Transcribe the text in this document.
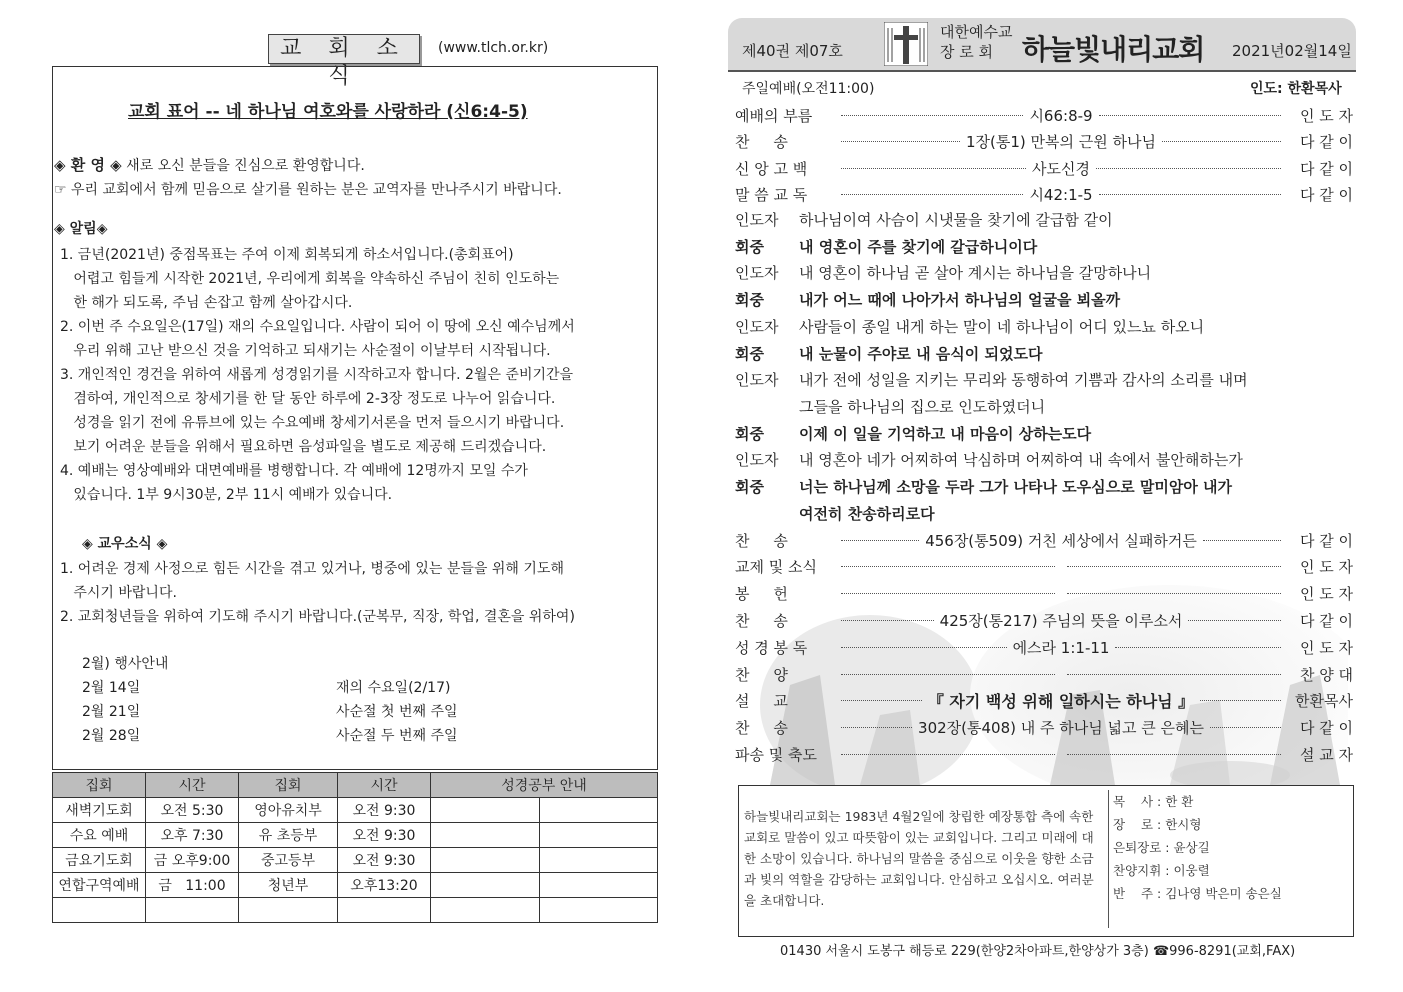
교 회 소 식
(www.tlch.or.kr)
교회 표어 -- 네 하나님 여호와를 사랑하라 (신6:4-5)
◈ 환 영 ◈ 새로 오신 분들을 진심으로 환영합니다.
☞ 우리 교회에서 함께 믿음으로 살기를 원하는 분은 교역자를 만나주시기 바랍니다.
◈ 알림◈
1. 금년(2021년) 중점목표는 주여 이제 회복되게 하소서입니다.(총회표어)
어렵고 힘들게 시작한 2021년, 우리에게 회복을 약속하신 주님이 친히 인도하는
한 해가 되도록, 주님 손잡고 함께 살아갑시다.
2. 이번 주 수요일은(17일) 재의 수요일입니다. 사람이 되어 이 땅에 오신 예수님께서
우리 위해 고난 받으신 것을 기억하고 되새기는 사순절이 이날부터 시작됩니다.
3. 개인적인 경건을 위하여 새롭게 성경읽기를 시작하고자 합니다. 2월은 준비기간을
겸하여, 개인적으로 창세기를 한 달 동안 하루에 2-3장 정도로 나누어 읽습니다.
성경을 읽기 전에 유튜브에 있는 수요예배 창세기서론을 먼저 들으시기 바랍니다.
보기 어려운 분들을 위해서 필요하면 음성파일을 별도로 제공해 드리겠습니다.
4. 예배는 영상예배와 대면예배를 병행합니다. 각 예배에 12명까지 모일 수가
있습니다. 1부 9시30분, 2부 11시 예배가 있습니다.
◈ 교우소식 ◈
1. 어려운 경제 사정으로 힘든 시간을 겪고 있거나, 병중에 있는 분들을 위해 기도해
주시기 바랍니다.
2. 교회청년들을 위하여 기도해 주시기 바랍니다.(군복무, 직장, 학업, 결혼을 위하여)
2월) 행사안내
2월 14일	재의 수요일(2/17)
2월 21일	사순절 첫 번째 주일
2월 28일	사순절 두 번째 주일
집회	시간	집회	시간	성경공부 안내	
새벽기도회	오전 5:30	영아유치부	오전 9:30		
수요 예배	오후 7:30	유 초등부	오전 9:30		
금요기도회	금 오후9:00	중고등부	오전 9:30		
연합구역예배	금   11:00	청년부	오후13:20		

제40권 제07호
대한예수교
장 로 회	하늘빛내리교회 2021년02월14일
주일예배(오전11:00)	인도: 한환목사
예배의 부름	시66:8-9	인 도 자
찬     송	1장(통1) 만복의 근원 하나님	다 같 이
신 앙 고 백	사도신경	다 같 이
말 씀 교 독	시42:1-5	다 같 이
인도자 하나님이여 사슴이 시냇물을 찾기에 갈급함 같이
회중 내 영혼이 주를 찾기에 갈급하니이다
인도자 내 영혼이 하나님 곧 살아 계시는 하나님을 갈망하나니
회중 내가 어느 때에 나아가서 하나님의 얼굴을 뵈올까
인도자 사람들이 종일 내게 하는 말이 네 하나님이 어디 있느뇨 하오니
회중 내 눈물이 주야로 내 음식이 되었도다
인도자 내가 전에 성일을 지키는 무리와 동행하여 기쁨과 감사의 소리를 내며
그들을 하나님의 집으로 인도하였더니
회중 이제 이 일을 기억하고 내 마음이 상하는도다
인도자 내 영혼아 네가 어찌하여 낙심하며 어찌하여 내 속에서 불안해하는가
회중 너는 하나님께 소망을 두라 그가 나타나 도우심으로 말미암아 내가
여전히 찬송하리로다
찬     송	456장(통509) 거친 세상에서 실패하거든	다 같 이
교제 및 소식	인 도 자
봉     헌	인 도 자
찬     송	425장(통217) 주님의 뜻을 이루소서	다 같 이
성 경 봉 독	에스라 1:1-11	인 도 자
찬     양	찬 양 대
설     교	『 자기 백성 위해 일하시는 하나님 』	한환목사
찬     송	302장(통408) 내 주 하나님 넓고 큰 은혜는	다 같 이
파송 및 축도	설 교 자
하늘빛내리교회는 1983년 4월2일에 창립한 예장통합 측에 속한 교회로 말씀이 있고 따뜻함이 있는 교회입니다. 그리고 미래에 대한 소망이 있습니다. 하나님의 말씀을 중심으로 이웃을 향한 소금과 빛의 역할을 감당하는 교회입니다. 안심하고 오십시오. 여러분을 초대합니다.
목    사 : 한 환
장    로 : 한시형
은퇴장로 : 윤상길
찬양지휘 : 이웅렬
반    주 : 김나영 박은미 송은실
01430 서울시 도봉구 해등로 229(한양2차아파트,한양상가 3층) ☎996-8291(교회,FAX)
